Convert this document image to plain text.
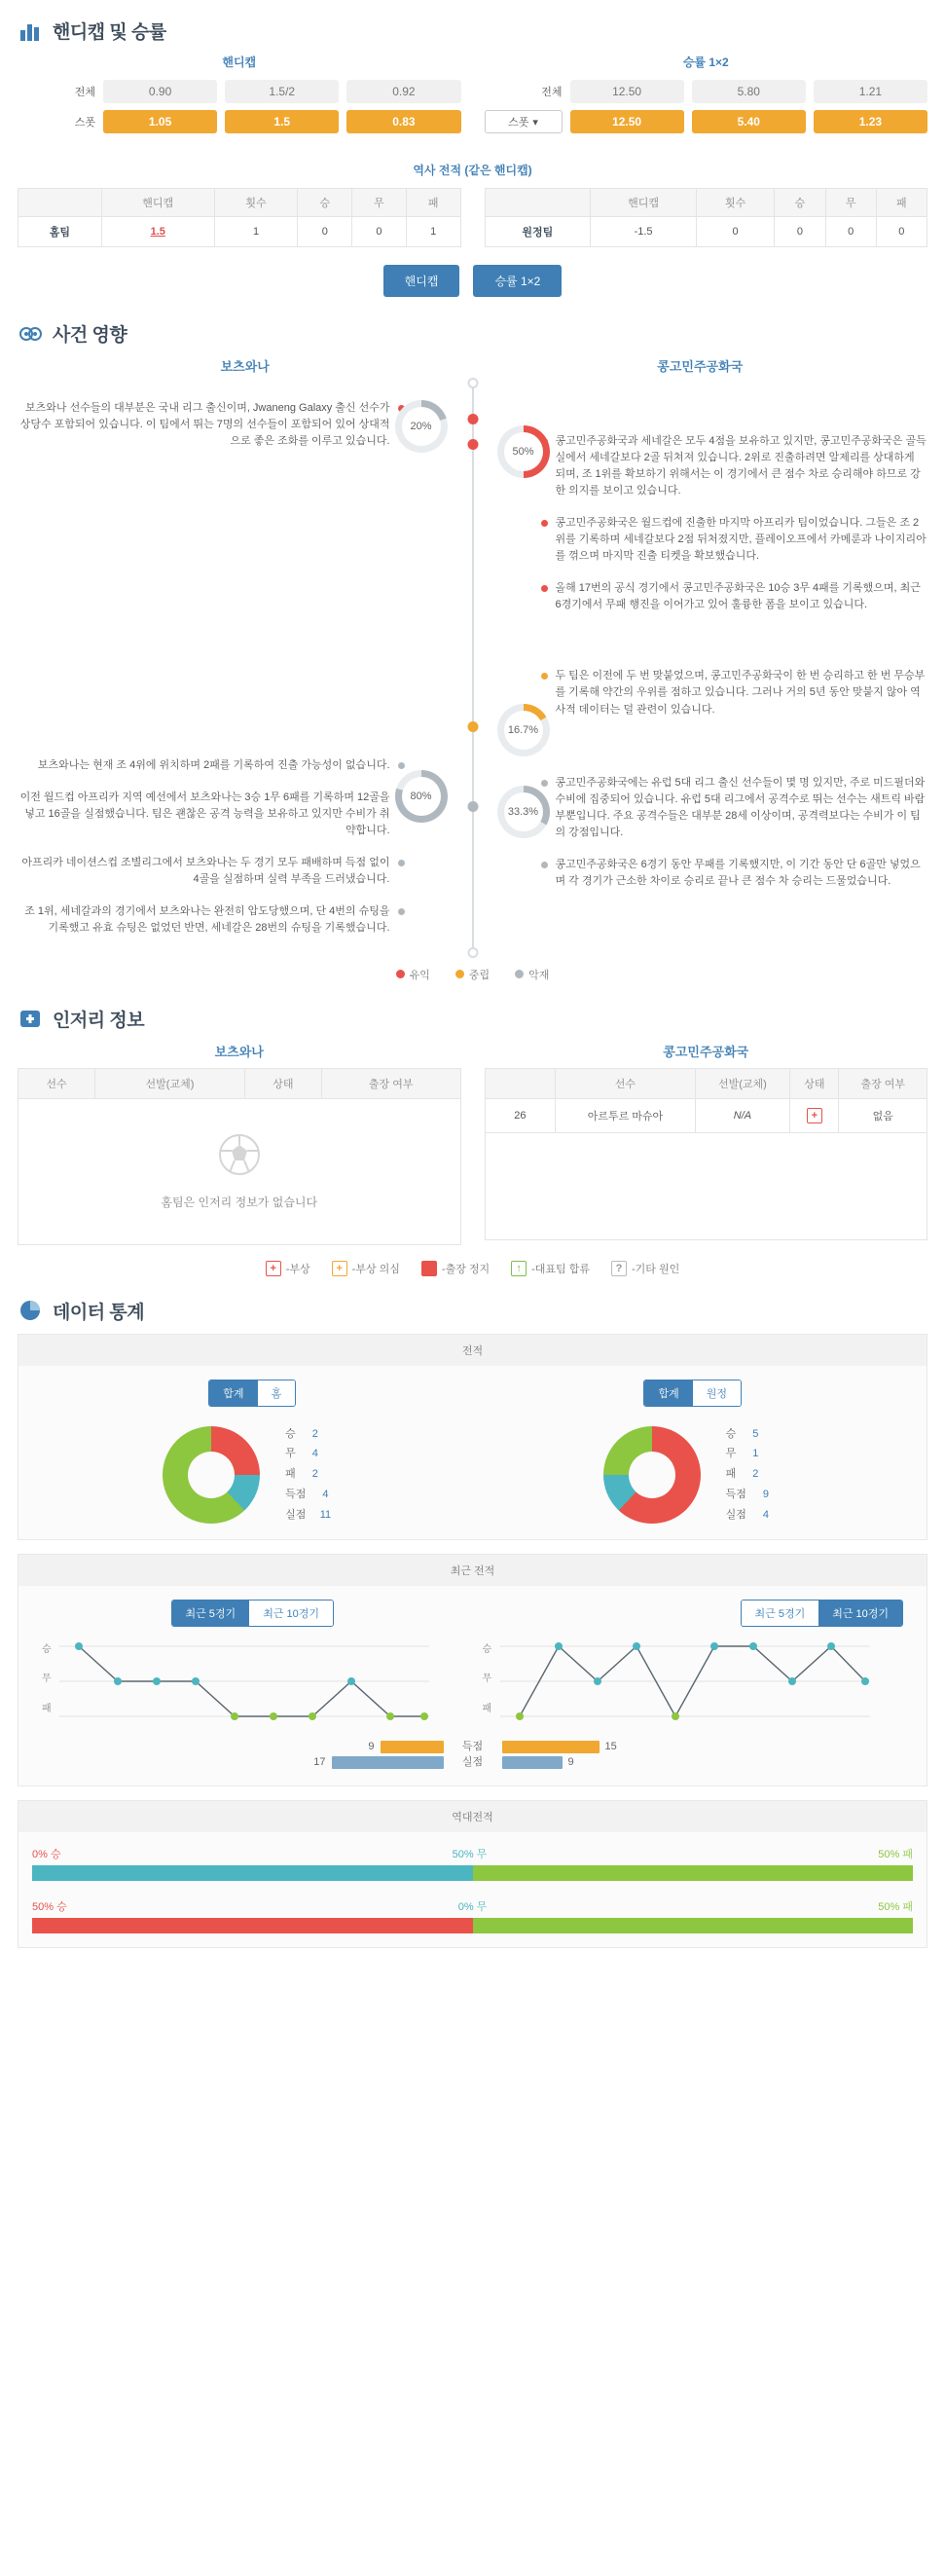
핸디캡 및 승률
핸디캡
전체	0.90	1.5/2	0.92
스폿	1.05	1.5	0.83
승률 1×2
전체	12.50	5.80	1.21
스폿 ▾	12.50	5.40	1.23
역사 전적 (같은 핸디캡)
	핸디캡	횟수	승	무	패
홈팀	1.5	1	0	0	1
	핸디캡	횟수	승	무	패
원정팀	-1.5	0	0	0	0
핸디캡	승률 1×2
사건 영향
보츠와나	콩고민주공화국
보츠와나 선수들의 대부분은 국내 리그 출신이며, Jwaneng Galaxy 출신 선수가 상당수 포함되어 있습니다. 이 팀에서 뛰는 7명의 선수들이 포함되어 있어 상대적으로 좋은 조화를 이루고 있습니다.
보츠와나는 현재 조 4위에 위치하며 2패를 기록하여 진출 가능성이 없습니다.
이전 월드컵 아프리카 지역 예선에서 보츠와나는 3승 1무 6패를 기록하며 12골을 넣고 16골을 실점했습니다. 팀은 괜찮은 공격 능력을 보유하고 있지만 수비가 취약합니다.
아프리카 네이션스컵 조별리그에서 보츠와나는 두 경기 모두 패배하며 득점 없이 4골을 실점하며 실력 부족을 드러냈습니다.
조 1위, 세네갈과의 경기에서 보츠와나는 완전히 압도당했으며, 단 4번의 슈팅을 기록했고 유효 슈팅은 없었던 반면, 세네갈은 28번의 슈팅을 기록했습니다.
20%
50%
16.7%
80%
33.3%
콩고민주공화국과 세네갈은 모두 4점을 보유하고 있지만, 콩고민주공화국은 골득실에서 세네갈보다 2골 뒤쳐져 있습니다. 2위로 진출하려면 알제리를 상대하게 되며, 조 1위를 확보하기 위해서는 이 경기에서 큰 점수 차로 승리해야 하므로 강한 의지를 보이고 있습니다.
콩고민주공화국은 월드컵에 진출한 마지막 아프리카 팀이었습니다. 그들은 조 2위를 기록하며 세네갈보다 2점 뒤처졌지만, 플레이오프에서 카메룬과 나이지리아를 꺾으며 마지막 진출 티켓을 확보했습니다.
올해 17번의 공식 경기에서 콩고민주공화국은 10승 3무 4패를 기록했으며, 최근 6경기에서 무패 행진을 이어가고 있어 훌륭한 폼을 보이고 있습니다.
두 팀은 이전에 두 번 맞붙었으며, 콩고민주공화국이 한 번 승리하고 한 번 무승부를 기록해 약간의 우위를 점하고 있습니다. 그러나 거의 5년 동안 맞붙지 않아 역사적 데이터는 덜 관련이 있습니다.
콩고민주공화국에는 유럽 5대 리그 출신 선수들이 몇 명 있지만, 주로 미드필더와 수비에 집중되어 있습니다. 유럽 5대 리그에서 공격수로 뛰는 선수는 새트릭 바람부뿐입니다. 주요 공격수들은 대부분 28세 이상이며, 공격력보다는 수비가 이 팀의 강점입니다.
콩고민주공화국은 6경기 동안 무패를 기록했지만, 이 기간 동안 단 6골만 넣었으며 각 경기가 근소한 차이로 승리로 끝나 큰 점수 차 승리는 드물었습니다.
유익	중립	악재
인저리 정보
보츠와나
선수	선발(교체)	상태	출장 여부
홈팀은 인저리 정보가 없습니다
콩고민주공화국
	선수	선발(교체)	상태	출장 여부
26	아르투르 마슈아	N/A	+	없음
+ -부상	+ -부상 의심
	-출장 정지	↑ -대표팀 합류	? -기타 원인
데이터 통계
전적
합계	홈
승 2
무 4
패 2
득점 4
실점 11
합계	원정
승 5
무 1
패 2
득점 9
실점 4
최근 전적
최근 5경기	최근 10경기
승
무
패
최근 5경기	최근 10경기
승
무
패
9
17
득점
실점
15
9
역대전적
0% 승	50% 무	50% 패
50% 승	0% 무	50% 패
